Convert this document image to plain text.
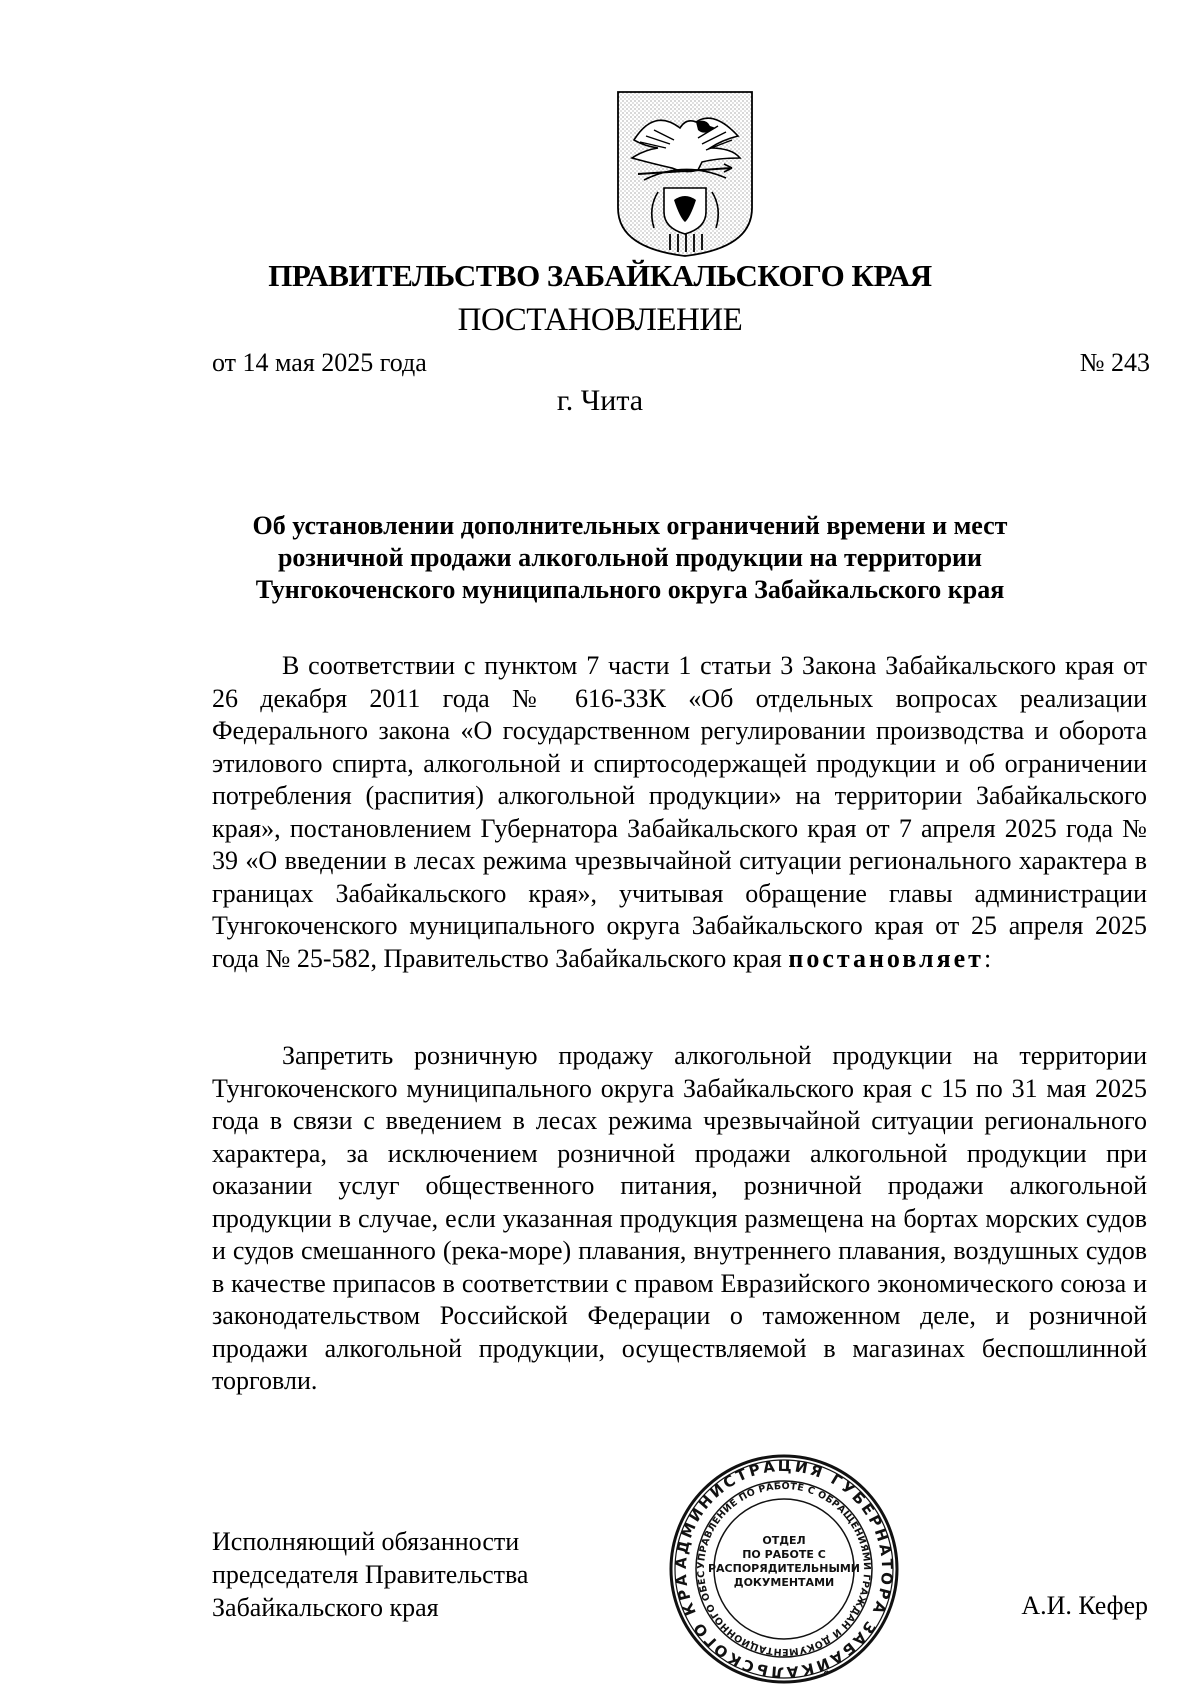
ПРАВИТЕЛЬСТВО ЗАБАЙКАЛЬСКОГО КРАЯ
ПОСТАНОВЛЕНИЕ
от 14 мая 2025 года	№ 243
г. Чита
Об установлении дополнительных ограничений времени и мест
розничной продажи алкогольной продукции на территории
Тунгокоченского муниципального округа Забайкальского края

В соответствии с пунктом 7 части 1 статьи 3 Закона Забайкальского края от 26 декабря 2011 года № 616-ЗЗК «Об отдельных вопросах реализации Федерального закона «О государственном регулировании производства и оборота этилового спирта, алкогольной и спиртосодержащей продукции и об ограничении потребления (распития) алкогольной продукции» на территории Забайкальского края», постановлением Губернатора Забайкальского края от 7 апреля 2025 года № 39 «О введении в лесах режима чрезвычайной ситуации регионального характера в границах Забайкальского края», учитывая обращение главы администрации Тунгокоченского муниципального округа Забайкальского края от 25 апреля 2025 года № 25-582, Правительство Забайкальского края постановляет:

Запретить розничную продажу алкогольной продукции на территории Тунгокоченского муниципального округа Забайкальского края с 15 по 31 мая 2025 года в связи с введением в лесах режима чрезвычайной ситуации регионального характера, за исключением розничной продажи алкогольной продукции при оказании услуг общественного питания, розничной продажи алкогольной продукции в случае, если указанная продукция размещена на бортах морских судов и судов смешанного (река-море) плавания, внутреннего плавания, воздушных судов в качестве припасов в соответствии с правом Евразийского экономического союза и законодательством Российской Федерации о таможенном деле, и розничной продажи алкогольной продукции, осуществляемой в магазинах беспошлинной торговли.

Исполняющий обязанности
председателя Правительства
Забайкальского края	А.И. Кефер
АДМИНИСТРАЦИЯ ГУБЕРНАТОРА ЗАБАЙКАЛЬСКОГО КРА
УПРАВЛЕНИЕ ПО РАБОТЕ С ОБРАЩЕНИЯМИ ГРАЖДАН И ДОКУМЕНТАЦИОННОГО ОБЕС
ОТДЕЛ
ПО РАБОТЕ С
РАСПОРЯДИТЕЛЬНЫМИ
ДОКУМЕНТАМИ
